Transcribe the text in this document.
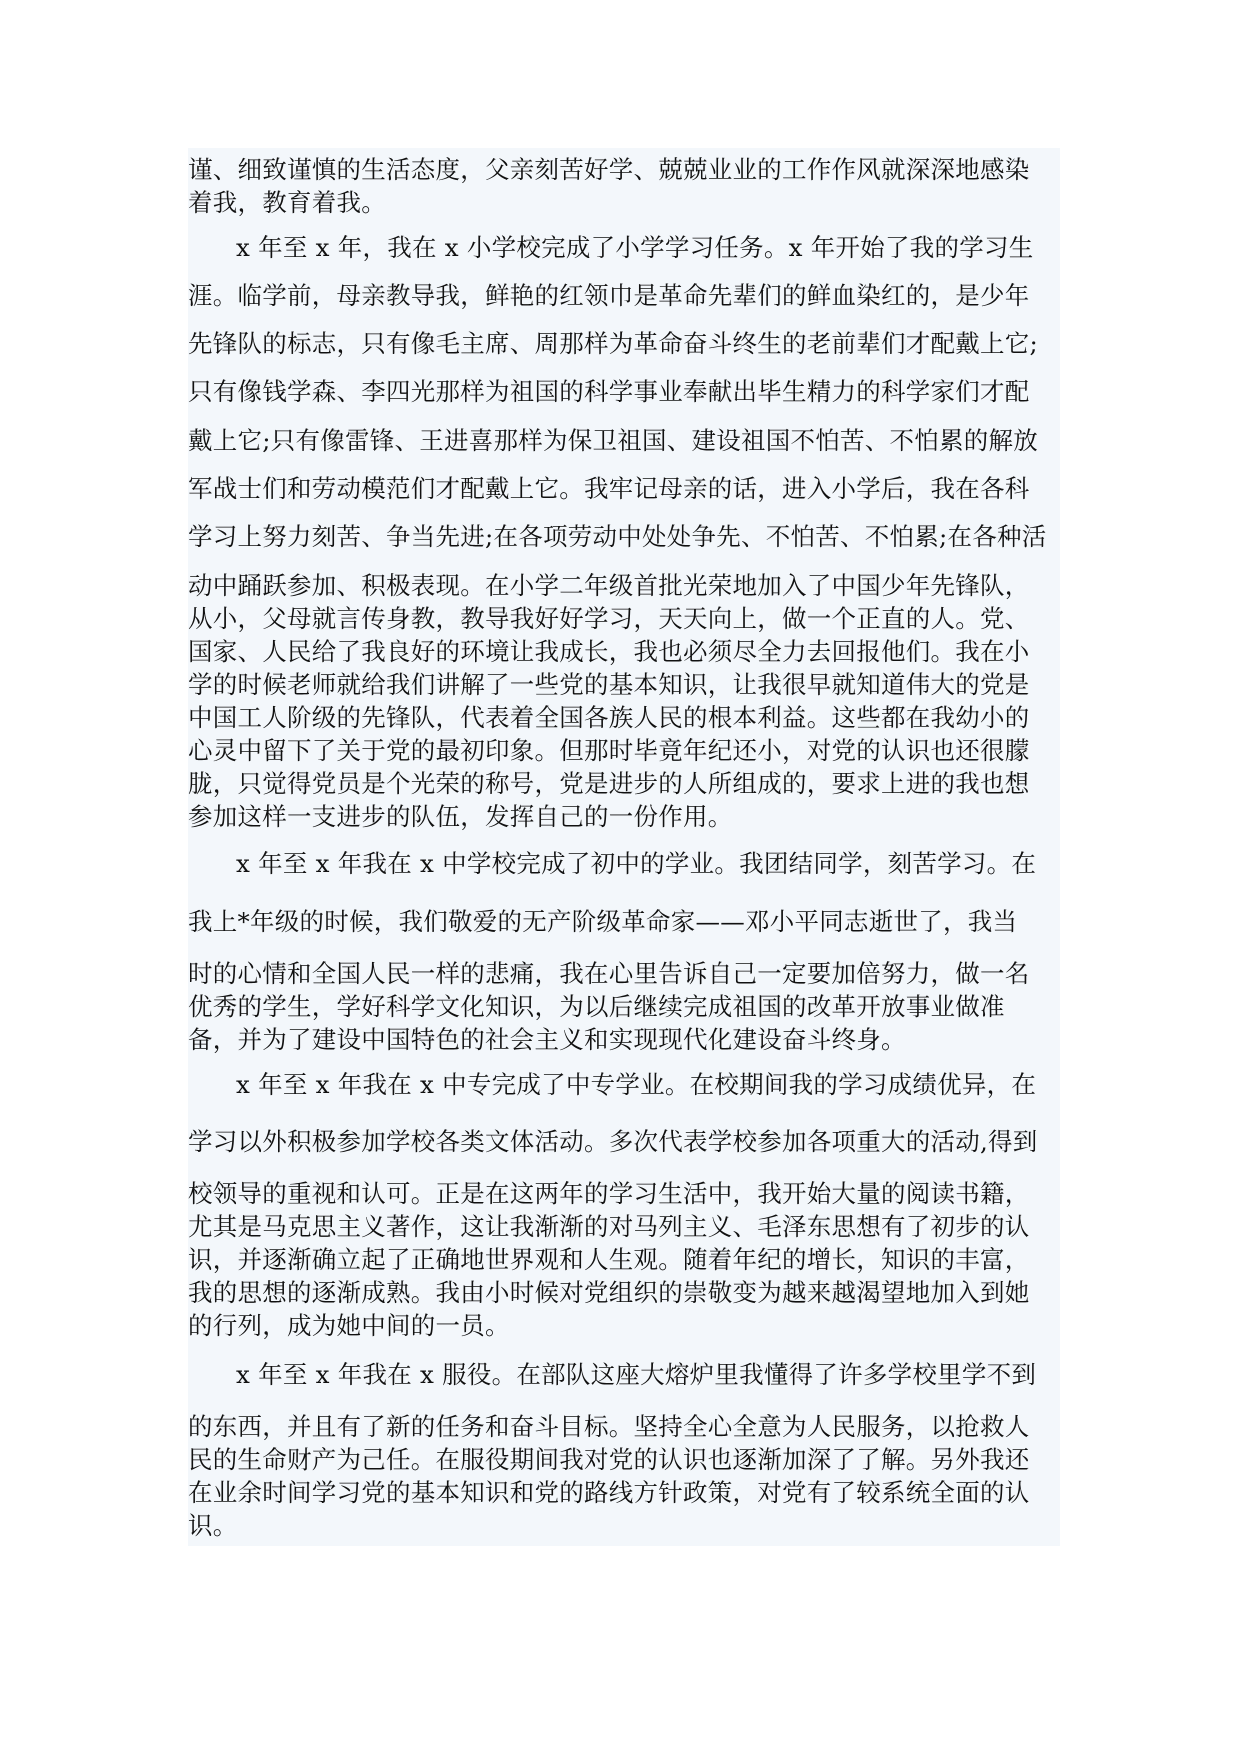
谨、细致谨慎的生活态度，父亲刻苦好学、兢兢业业的工作作风就深深地感染
着我，教育着我。
x 年至 x 年，我在 x 小学校完成了小学学习任务。x 年开始了我的学习生
涯。临学前，母亲教导我，鲜艳的红领巾是革命先辈们的鲜血染红的，是少年
先锋队的标志，只有像毛主席、周那样为革命奋斗终生的老前辈们才配戴上它;
只有像钱学森、李四光那样为祖国的科学事业奉献出毕生精力的科学家们才配
戴上它;只有像雷锋、王进喜那样为保卫祖国、建设祖国不怕苦、不怕累的解放
军战士们和劳动模范们才配戴上它。我牢记母亲的话，进入小学后，我在各科
学习上努力刻苦、争当先进;在各项劳动中处处争先、不怕苦、不怕累;在各种活
动中踊跃参加、积极表现。在小学二年级首批光荣地加入了中国少年先锋队，
从小，父母就言传身教，教导我好好学习，天天向上，做一个正直的人。党、
国家、人民给了我良好的环境让我成长，我也必须尽全力去回报他们。我在小
学的时候老师就给我们讲解了一些党的基本知识，让我很早就知道伟大的党是
中国工人阶级的先锋队，代表着全国各族人民的根本利益。这些都在我幼小的
心灵中留下了关于党的最初印象。但那时毕竟年纪还小，对党的认识也还很朦
胧，只觉得党员是个光荣的称号，党是进步的人所组成的，要求上进的我也想
参加这样一支进步的队伍，发挥自己的一份作用。
x 年至 x 年我在 x 中学校完成了初中的学业。我团结同学，刻苦学习。在
我上*年级的时候，我们敬爱的无产阶级革命家——邓小平同志逝世了，我当
时的心情和全国人民一样的悲痛，我在心里告诉自己一定要加倍努力，做一名
优秀的学生，学好科学文化知识，为以后继续完成祖国的改革开放事业做准
备，并为了建设中国特色的社会主义和实现现代化建设奋斗终身。
x 年至 x 年我在 x 中专完成了中专学业。在校期间我的学习成绩优异，在
学习以外积极参加学校各类文体活动。多次代表学校参加各项重大的活动,得到
校领导的重视和认可。正是在这两年的学习生活中，我开始大量的阅读书籍，
尤其是马克思主义著作，这让我渐渐的对马列主义、毛泽东思想有了初步的认
识，并逐渐确立起了正确地世界观和人生观。随着年纪的增长，知识的丰富，
我的思想的逐渐成熟。我由小时候对党组织的崇敬变为越来越渴望地加入到她
的行列，成为她中间的一员。
x 年至 x 年我在 x 服役。在部队这座大熔炉里我懂得了许多学校里学不到
的东西，并且有了新的任务和奋斗目标。坚持全心全意为人民服务，以抢救人
民的生命财产为己任。在服役期间我对党的认识也逐渐加深了了解。另外我还
在业余时间学习党的基本知识和党的路线方针政策，对党有了较系统全面的认
识。
